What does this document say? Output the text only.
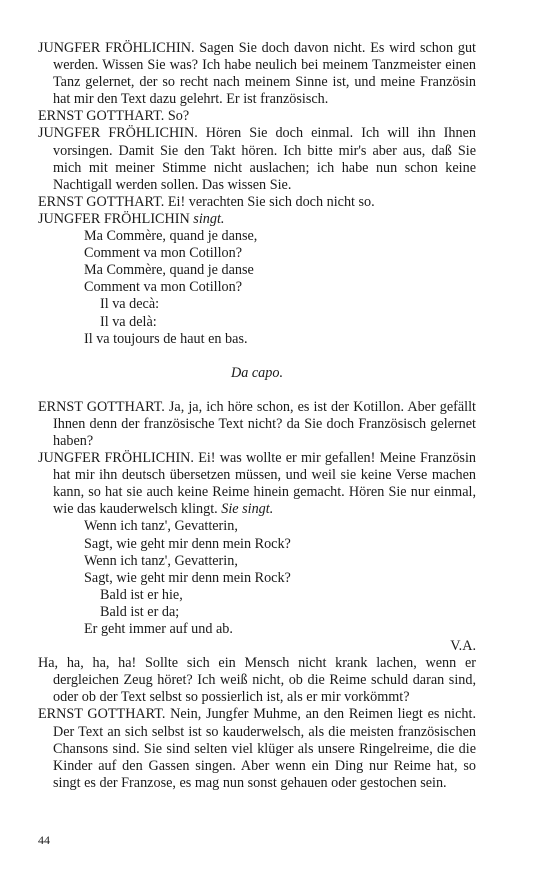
JUNGFER FRÖHLICHIN. Sagen Sie doch davon nicht. Es wird schon gut werden. Wissen Sie was? Ich habe neulich bei meinem Tanzmeister einen Tanz gelernet, der so recht nach meinem Sinne ist, und meine Französin hat mir den Text dazu gelehrt. Er ist französisch.
ERNST GOTTHART. So?
JUNGFER FRÖHLICHIN. Hören Sie doch einmal. Ich will ihn Ihnen vorsingen. Damit Sie den Takt hören. Ich bitte mir's aber aus, daß Sie mich mit meiner Stimme nicht auslachen; ich habe nun schon keine Nachtigall werden sollen. Das wissen Sie.
ERNST GOTTHART. Ei! verachten Sie sich doch nicht so.
JUNGFER FRÖHLICHIN singt.
Ma Commère, quand je danse,
Comment va mon Cotillon?
Ma Commère, quand je danse
Comment va mon Cotillon?
Il va decà:
Il va delà:
Il va toujours de haut en bas.
Da capo.
ERNST GOTTHART. Ja, ja, ich höre schon, es ist der Kotillon. Aber gefällt Ihnen denn der französische Text nicht? da Sie doch Französisch gelernet haben?
JUNGFER FRÖHLICHIN. Ei! was wollte er mir gefallen! Meine Französin hat mir ihn deutsch übersetzen müssen, und weil sie keine Verse machen kann, so hat sie auch keine Reime hinein gemacht. Hören Sie nur einmal, wie das kauderwelsch klingt. Sie singt.
Wenn ich tanz', Gevatterin,
Sagt, wie geht mir denn mein Rock?
Wenn ich tanz', Gevatterin,
Sagt, wie geht mir denn mein Rock?
Bald ist er hie,
Bald ist er da;
Er geht immer auf und ab.
V.A.
Ha, ha, ha, ha! Sollte sich ein Mensch nicht krank lachen, wenn er dergleichen Zeug höret? Ich weiß nicht, ob die Reime schuld daran sind, oder ob der Text selbst so possierlich ist, als er mir vorkömmt?
ERNST GOTTHART. Nein, Jungfer Muhme, an den Reimen liegt es nicht. Der Text an sich selbst ist so kauderwelsch, als die meisten französischen Chansons sind. Sie sind selten viel klüger als unsere Ringelreime, die die Kinder auf den Gassen singen. Aber wenn ein Ding nur Reime hat, so singt es der Franzose, es mag nun sonst gehauen oder gestochen sein.
44
